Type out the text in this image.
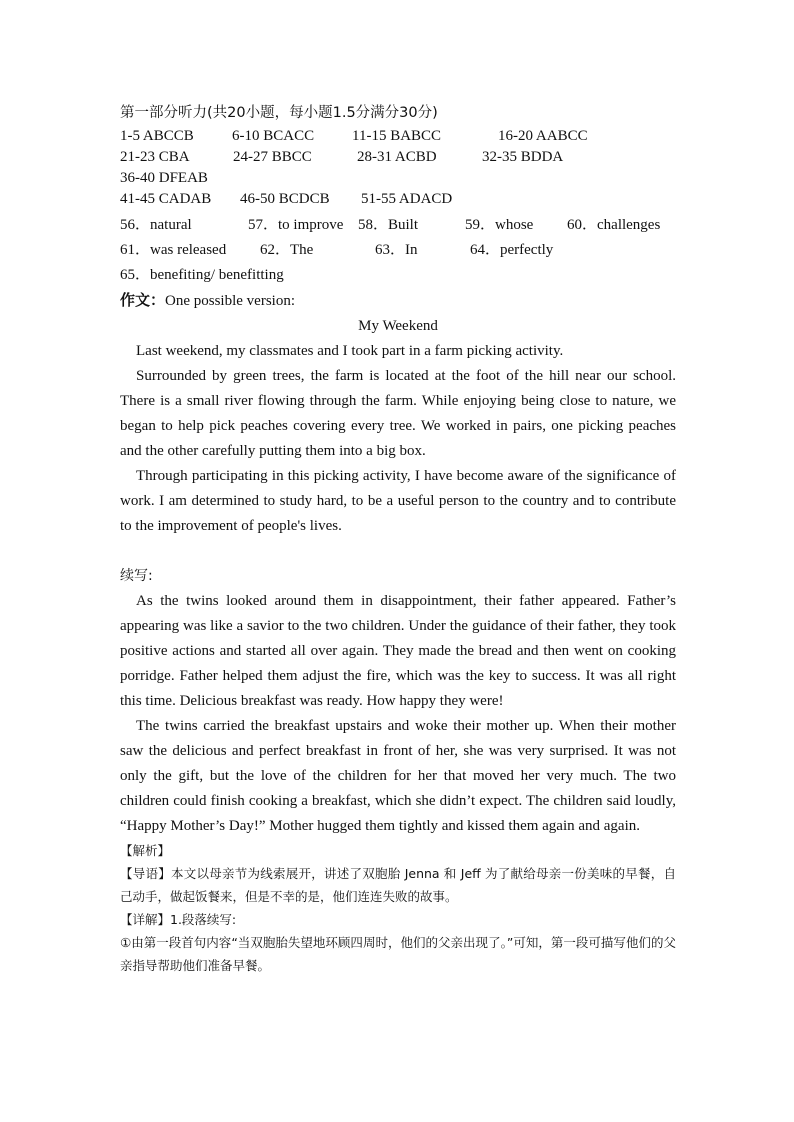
第一部分听力(共20小题，每小题1.5分满分30分)
1-5 ABCCB	6-10 BCACC	11-15 BABCC	16-20 AABCC
21-23 CBA	24-27 BBCC	28-31 ACBD	32-35 BDDA
36-40 DFEAB
41-45 CADAB 46-50 BCDCB 51-55 ADACD
56．natural	57．to improve 58．Built	59．whose 60．challenges
61．was released 62．The	63．In	64．perfectly
65．benefiting/ benefitting
作文：One possible version:
My Weekend

Last weekend, my classmates and I took part in a farm picking activity.

Surrounded by green trees, the farm is located at the foot of the hill near our school. There is a small river flowing through the farm. While enjoying being close to nature, we began to help pick peaches covering every tree. We worked in pairs, one picking peaches and the other carefully putting them into a big box.

Through participating in this picking activity, I have become aware of the significance of work. I am determined to study hard, to be a useful person to the country and to contribute to the improvement of people's lives.

续写:

As the twins looked around them in disappointment, their father appeared. Father’s appearing was like a savior to the two children. Under the guidance of their father, they took positive actions and started all over again. They made the bread and then went on cooking porridge. Father helped them adjust the fire, which was the key to success. It was all right this time. Delicious breakfast was ready. How happy they were!

The twins carried the breakfast upstairs and woke their mother up. When their mother saw the delicious and perfect breakfast in front of her, she was very surprised. It was not only the gift, but the love of the children for her that moved her very much. The two children could finish cooking a breakfast, which she didn’t expect. The children said loudly, “Happy Mother’s Day!” Mother hugged them tightly and kissed them again and again.

【解析】

【导语】本文以母亲节为线索展开，讲述了双胞胎 Jenna 和 Jeff 为了献给母亲一份美味的早餐，自己动手，做起饭餐来，但是不幸的是，他们连连失败的故事。

【详解】1.段落续写:

①由第一段首句内容“当双胞胎失望地环顾四周时，他们的父亲出现了。”可知，第一段可描写他们的父亲指导帮助他们准备早餐。
